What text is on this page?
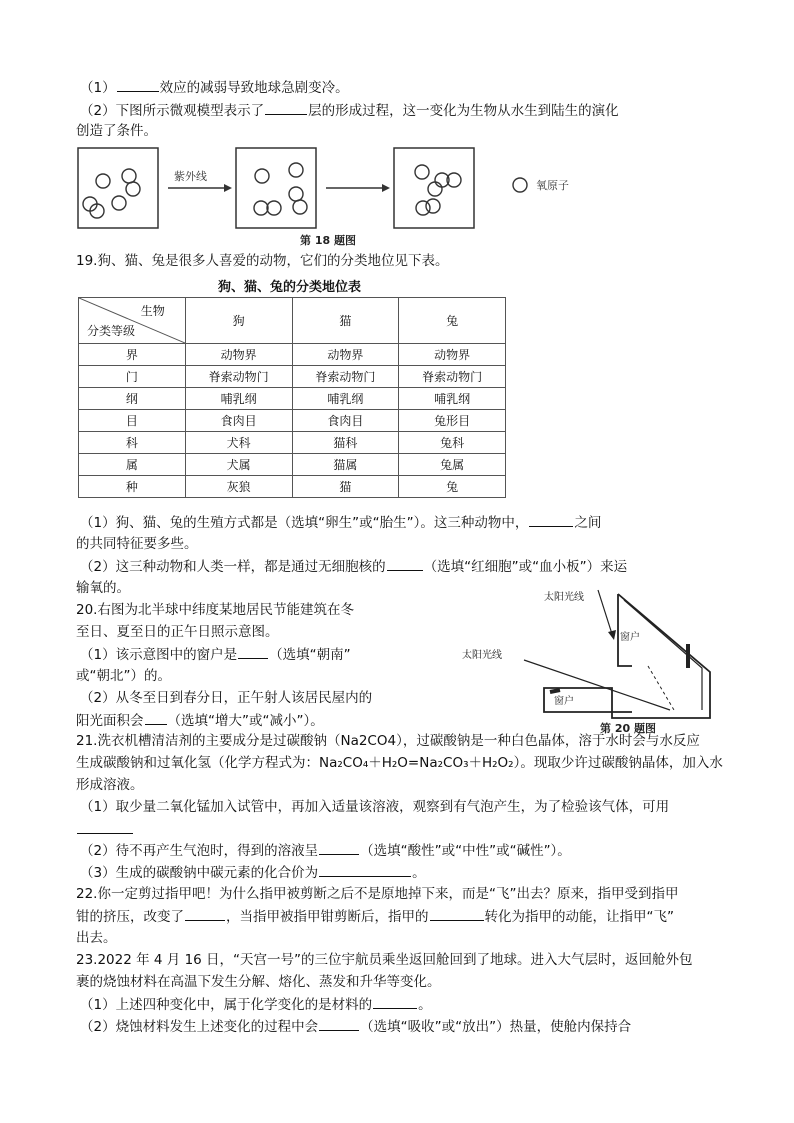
（1）	效应的减弱导致地球急剧变冷。
（2）下图所示微观模型表示了	层的形成过程，这一变化为生物从水生到陆生的演化
创造了条件。
紫外线
氧原子
第 18 题图
19.狗、猫、兔是很多人喜爱的动物，它们的分类地位见下表。
狗、猫、兔的分类地位表
生物
分类等级	狗	猫	兔
界	动物界	动物界	动物界
门	脊索动物门	脊索动物门	脊索动物门
纲	哺乳纲	哺乳纲	哺乳纲
目	食肉目	食肉目	兔形目
科	犬科	猫科	兔科
属	犬属	猫属	兔属
种	灰狼	猫	兔
（1）狗、猫、兔的生殖方式都是（选填“卵生”或“胎生”）。这三种动物中，	之间
的共同特征要多些。
（2）这三种动物和人类一样，都是通过无细胞核的	（选填“红细胞”或“血小板”）来运
输氧的。
20.右图为北半球中纬度某地居民节能建筑在冬
至日、夏至日的正午日照示意图。
（1）该示意图中的窗户是 （选填“朝南”
或“朝北”）的。
（2）从冬至日到春分日，正午射人该居民屋内的
阳光面积会 （选填“增大”或“减小”）。
太阳光线
太阳光线
窗户
窗户
第 20 题图
21.洗衣机槽清洁剂的主要成分是过碳酸钠（Na2CO4），过碳酸钠是一种白色晶体，溶于水时会与水反应
生成碳酸钠和过氧化氢（化学方程式为：Na₂CO₄＋H₂O=Na₂CO₃＋H₂O₂）。现取少许过碳酸钠晶体，加入水
形成溶液。
（1）取少量二氧化锰加入试管中，再加入适量该溶液，观察到有气泡产生，为了检验该气体，可用
（2）待不再产生气泡时，得到的溶液呈	（选填“酸性”或“中性”或“碱性”）。
（3）生成的碳酸钠中碳元素的化合价为	。
22.你一定剪过指甲吧！为什么指甲被剪断之后不是原地掉下来，而是“飞”出去？原来，指甲受到指甲
钳的挤压，改变了	，当指甲被指甲钳剪断后，指甲的	转化为指甲的动能，让指甲“飞”
出去。
23.2022 年 4 月 16 日，“天宫一号”的三位宇航员乘坐返回舱回到了地球。进入大气层时，返回舱外包
裹的烧蚀材料在高温下发生分解、熔化、蒸发和升华等变化。
（1）上述四种变化中，属于化学变化的是材料的	。
（2）烧蚀材料发生上述变化的过程中会	（选填“吸收”或“放出”）热量，使舱内保持合
